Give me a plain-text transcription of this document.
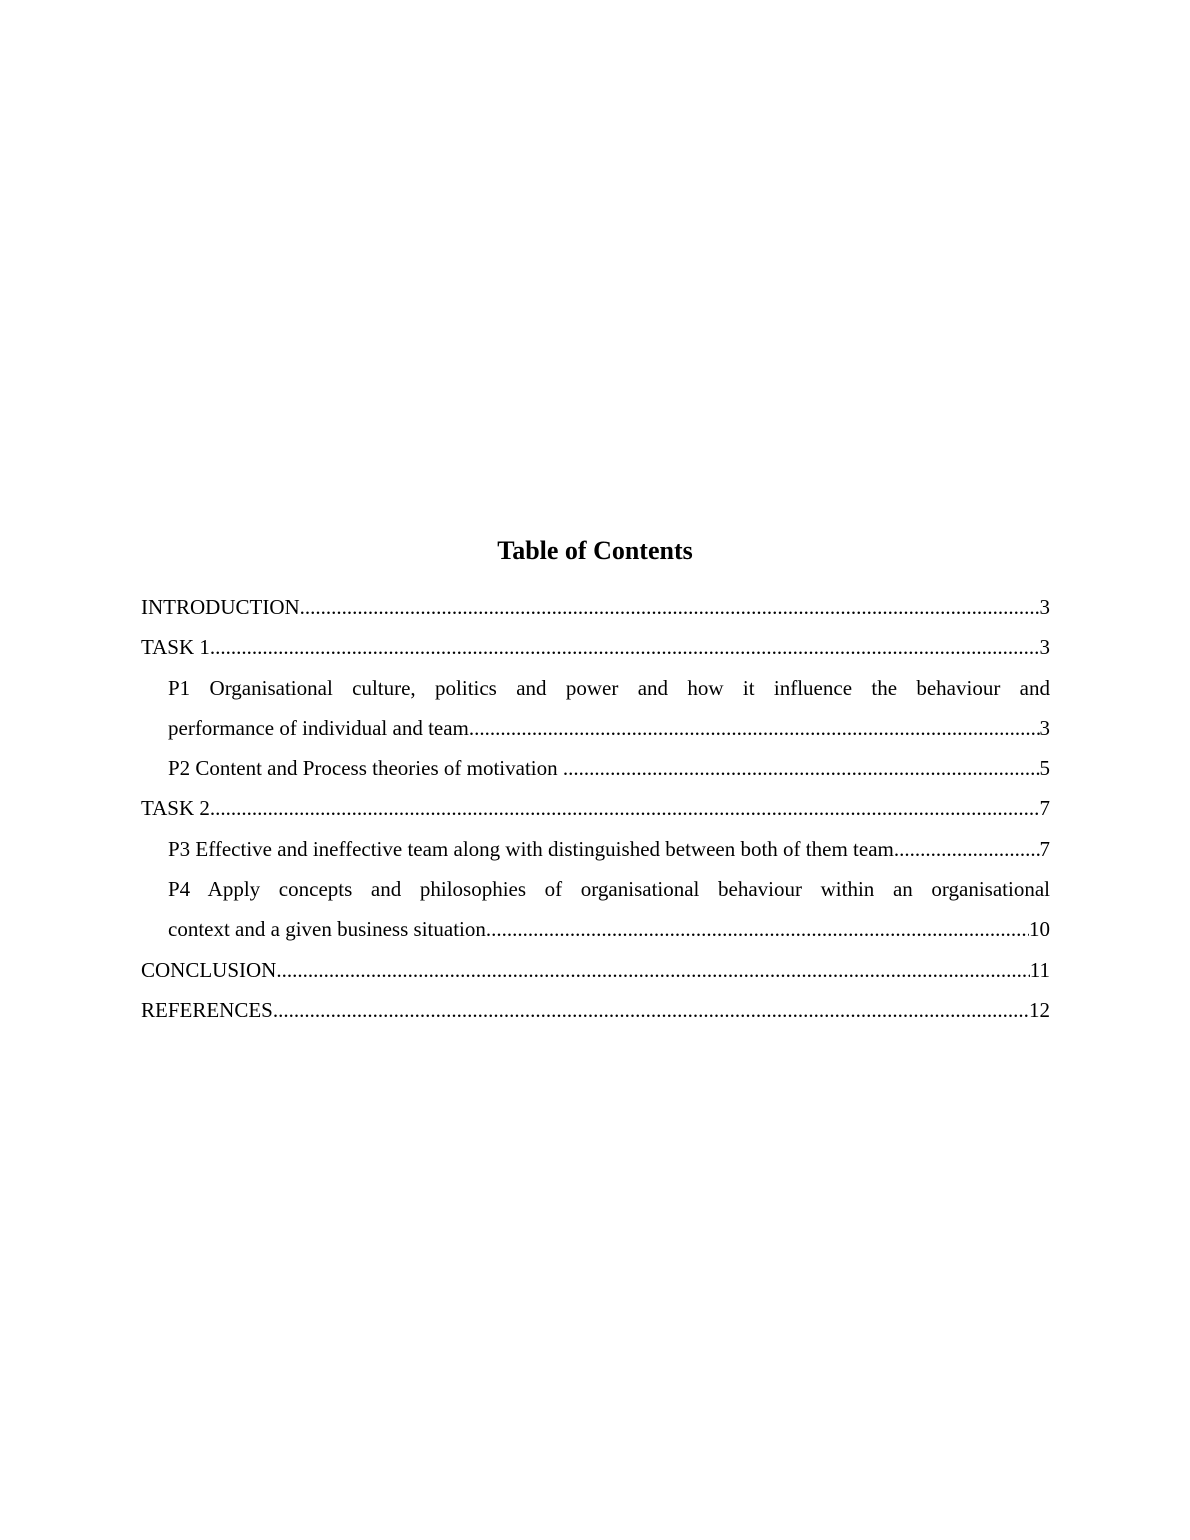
Table of Contents
INTRODUCTION .....	3
TASK 1 .....	3
P1 Organisational culture, politics and power and how it influence the behaviour and
performance of individual and team .....	3
P2 Content and Process theories of motivation .....	5
TASK 2 .....	7
P3 Effective and ineffective team along with distinguished between both of them team. .....	7
P4 Apply concepts and philosophies of organisational behaviour within an organisational
context and a given business situation .....	10
CONCLUSION .....	11
REFERENCES .....	12
